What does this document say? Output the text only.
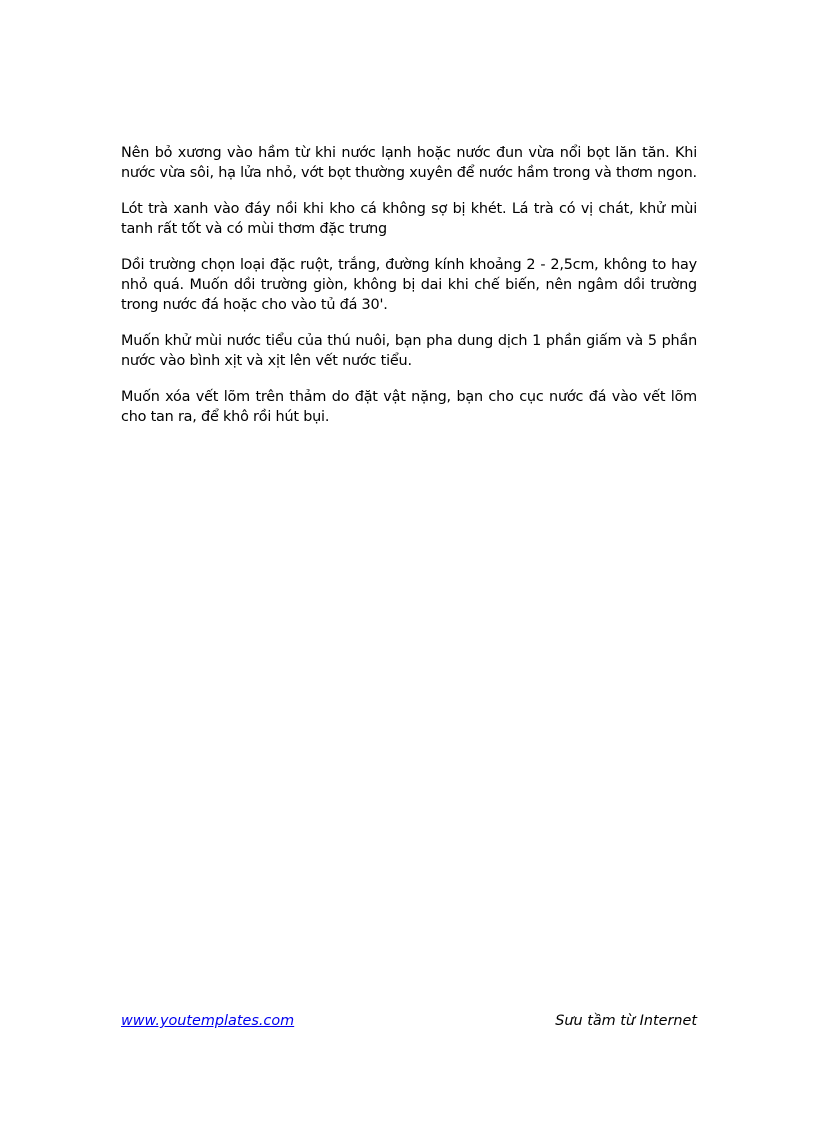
Nên bỏ xương vào hầm từ khi nước lạnh hoặc nước đun vừa nổi bọt lăn tăn. Khi nước vừa sôi, hạ lửa nhỏ, vớt bọt thường xuyên để nước hầm trong và thơm ngon.

Lót trà xanh vào đáy nồi khi kho cá không sợ bị khét. Lá trà có vị chát, khử mùi tanh rất tốt và có mùi thơm đặc trưng

Dồi trường chọn loại đặc ruột, trắng, đường kính khoảng 2 - 2,5cm, không to hay nhỏ quá. Muốn dồi trường giòn, không bị dai khi chế biến, nên ngâm dồi trường trong nước đá hoặc cho vào tủ đá 30'.

Muốn khử mùi nước tiểu của thú nuôi, bạn pha dung dịch 1 phần giấm và 5 phần nước vào bình xịt và xịt lên vết nước tiểu.

Muốn xóa vết lõm trên thảm do đặt vật nặng, bạn cho cục nước đá vào vết lõm cho tan ra, để khô rồi hút bụi.

www.youtemplates.com	Sưu tầm từ Internet
